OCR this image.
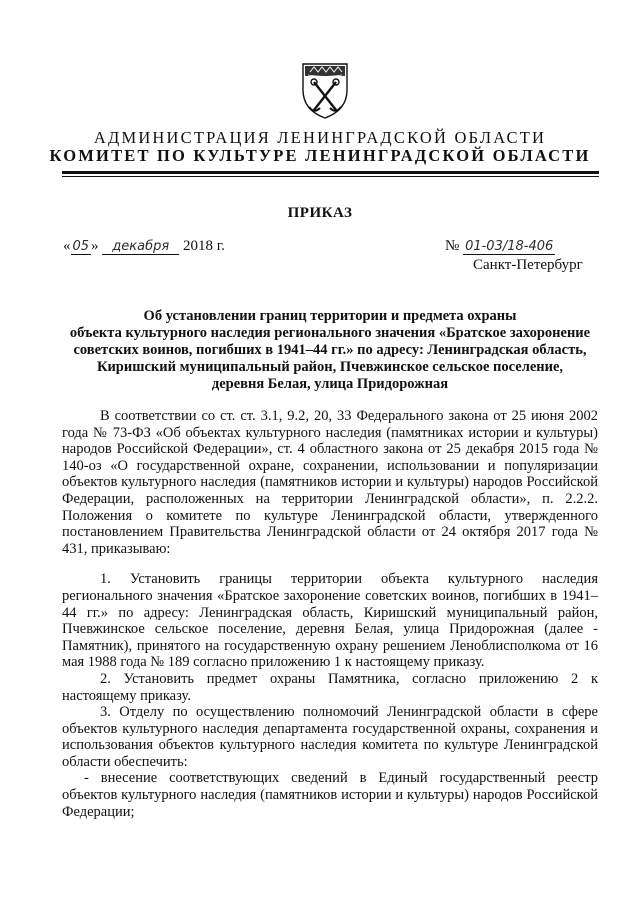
АДМИНИСТРАЦИЯ ЛЕНИНГРАДСКОЙ ОБЛАСТИ
КОМИТЕТ ПО КУЛЬТУРЕ ЛЕНИНГРАДСКОЙ ОБЛАСТИ
ПРИКАЗ
« 05 » декабря 2018 г.	№ 01-03/18-406
Санкт-Петербург
Об установлении границ территории и предмета охраны
объекта культурного наследия регионального значения «Братское захоронение
советских воинов, погибших в 1941–44 гг.» по адресу: Ленинградская область,
Киришский муниципальный район, Пчевжинское сельское поселение,
деревня Белая, улица Придорожная

В соответствии со ст. ст. 3.1, 9.2, 20, 33 Федерального закона от 25 июня 2002 года № 73-ФЗ «Об объектах культурного наследия (памятниках истории и культуры) народов Российской Федерации», ст. 4 областного закона от 25 декабря 2015 года № 140-оз «О государственной охране, сохранении, использовании и популяризации объектов культурного наследия (памятников истории и культуры) народов Российской Федерации, расположенных на территории Ленинградской области», п. 2.2.2. Положения о комитете по культуре Ленинградской области, утвержденного постановлением Правительства Ленинградской области от 24 октября 2017 года № 431, приказываю:

1. Установить границы территории объекта культурного наследия регионального значения «Братское захоронение советских воинов, погибших в 1941–44 гг.» по адресу: Ленинградская область, Киришский муниципальный район, Пчевжинское сельское поселение, деревня Белая, улица Придорожная (далее - Памятник), принятого на государственную охрану решением Леноблисполкома от 16 мая 1988 года № 189 согласно приложению 1 к настоящему приказу.

2. Установить предмет охраны Памятника, согласно приложению 2 к настоящему приказу.

3. Отделу по осуществлению полномочий Ленинградской области в сфере объектов культурного наследия департамента государственной охраны, сохранения и использования объектов культурного наследия комитета по культуре Ленинградской области обеспечить:

- внесение соответствующих сведений в Единый государственный реестр объектов культурного наследия (памятников истории и культуры) народов Российской Федерации;
